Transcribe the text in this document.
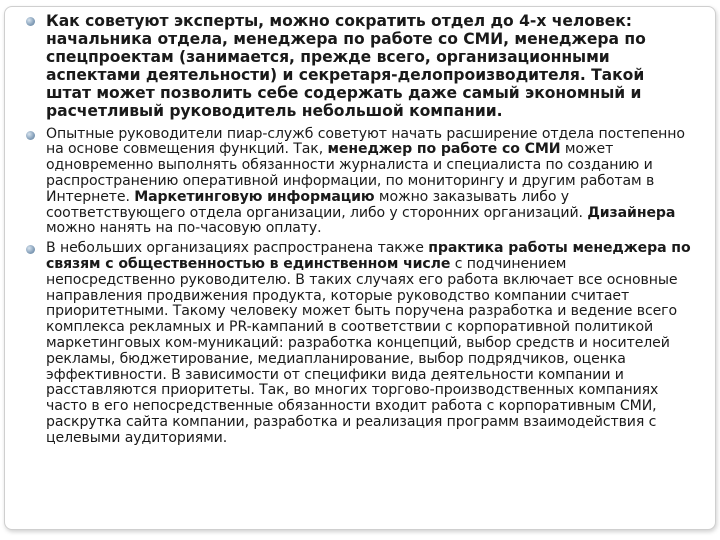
Как советуют эксперты, можно сократить отдел до 4-х человек: начальника отдела, менеджера по работе со СМИ, менеджера по спецпроектам (занимается, прежде всего, организационными аспектами деятельности) и секретаря-делопроизводителя. Такой штат может позволить себе содержать даже самый экономный и расчетливый руководитель небольшой компании.
Опытные руководители пиар-служб советуют начать расширение отдела постепенно на основе совмещения функций. Так, менеджер по работе со СМИ может одновременно выполнять обязанности журналиста и специалиста по созданию и распространению оперативной информации, по мониторингу и другим работам в Интернете. Маркетинговую информацию можно заказывать либо у соответствующего отдела организации, либо у сторонних организаций. Дизайнера можно нанять на по-часовую оплату.
В небольших организациях распространена также практика работы менеджера по связям с общественностью в единственном числе с подчинением непосредственно руководителю. В таких случаях его работа включает все основные направления продвижения продукта, которые руководство компании считает приоритетными. Такому человеку может быть поручена разработка и ведение всего комплекса рекламных и PR-кампаний в соответствии с корпоративной политикой маркетинговых ком-муникаций: разработка концепций, выбор средств и носителей рекламы, бюджетирование, медиапланирование, выбор подрядчиков, оценка эффективности. В зависимости от специфики вида деятельности компании и расставляются приоритеты. Так, во многих торгово-производственных компаниях часто в его непосредственные обязанности входит работа с корпоративным СМИ, раскрутка сайта компании, разработка и реализация программ взаимодействия с целевыми аудиториями.
